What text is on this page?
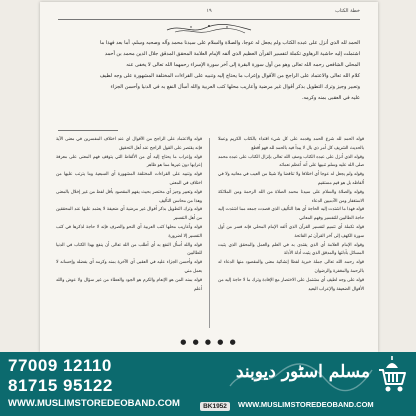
١٩	خطة الكتاب

الحمد لله الذي أنزل على عبده الكتاب ولم يجعل له عوجا، والصلاة والسلام على سيدنا محمد وآله وصحبه وسلم، أما بعد فهذا ما

اشتملت إليه حاشية الرهاوي تكملة لتفسير القرآن العظيم الذي ألفه الإمام العلامة المحقق المدقق جلال الدين محمد بن أحمد

المحلي الشافعي رحمه الله تعالى وهو من أول سورة البقرة إلى آخر سورة الإسراء رحمهما الله تعالى لا يخفى عنه

كلام الله تعالى والاعتماد على الراجح من الأقوال وإعراب ما يحتاج إليه وتنبيه على القراءات المختلفة المشهورة على وجه لطيف

وتعبير وجيز وترك التطويل بذكر أقوال غير مرضية وأعاريب محلها كتب العربية والله أسأل النفع به في الدنيا وأحسن الجزاء

عليه في العقبى بمنه وكرمه.

قوله الحمد لله شرع الحمد وقدمه على كل شيء اقتداء بالكتاب الكريم وعملا بالحديث الشريف كل أمر ذي بال لا يبدأ فيه بالحمد لله فهو أقطع

وقوله الذي أنزل على عبده الكتاب وصف الله تعالى بإنزال الكتاب على عبده محمد صلى الله عليه وسلم تنبيها على أنه أعظم نعمائه

وقوله ولم يجعل له عوجا أي اختلافا ولا تناقضا ولا شيئا من العيب في معانيه ولا في ألفاظه بل هو قيم مستقيم

وقوله والصلاة والسلام على سيدنا محمد الصلاة من الله الرحمة ومن الملائكة الاستغفار ومن الآدميين الدعاء

قوله فهذا ما اشتدت إليه الحاجة أي هذا التأليف الذي قصدت جمعه مما اشتدت إليه حاجة الطالبين للتفسير وفهم المعاني

قوله تكملة أي تتميم لتفسير القرآن الذي ألفه الإمام المحلي فإنه فسر من أول سورة الكهف إلى آخر القرآن ثم الفاتحة

وقوله الإمام العلامة أي الذي يقتدى به في العلم والعمل والمحقق الذي يثبت المسائل بأدلتها والمدقق الذي يثبت أدلة الأدلة

قوله رحمه الله تعالى جملة خبرية لفظا إنشائية معنى والمقصود منها الدعاء له بالرحمة والمغفرة والرضوان

قوله على وجه لطيف أي مشتمل على الاختصار مع الإفادة وترك ما لا حاجة إليه من الأقوال الضعيفة والإعراب البعيد

قوله والاعتماد على الراجح من الأقوال أي عند اختلاف المفسرين في معنى الآية فإنه يقتصر على القول الراجح عند أهل التحقيق

قوله وإعراب ما يحتاج إليه أي من الألفاظ التي يتوقف فهم المعنى على معرفة إعرابها دون غيرها مما هو ظاهر

قوله وتنبيه على القراءات المختلفة المشهورة أي السبعية وما يترتب عليها من اختلاف في المعنى

قوله وتعبير وجيز أي مختصر بحيث يفهم المقصود بأقل لفظ من غير إخلال بالمعنى وهذا من محاسن التأليف

قوله وترك التطويل بذكر أقوال غير مرضية أي ضعيفة لا يعتمد عليها عند المحققين من أهل التفسير

قوله وأعاريب محلها كتب العربية أي النحو والصرف فإنه لا حاجة لذكرها في كتب التفسير إلا لضرورة

قوله والله أسأل النفع به أي أطلب من الله تعالى أن ينفع بهذا الكتاب في الدنيا للطالبين

قوله وأحسن الجزاء عليه في العقبى أي الآخرة بمنه وكرمه أي بفضله وإحسانه لا بعمل مني

قوله بمنه المن هو الإنعام والكرم هو الجود والعطاء من غير سؤال ولا عوض والله أعلم

● ● ● ● ●
77009 12110
81715 95122
WWW.MUSLIMSTOREDEOBAND.COM	BK1952
مسلم اسٹور دیوبند
WWW.MUSLIMSTOREDEOBAND.COM
